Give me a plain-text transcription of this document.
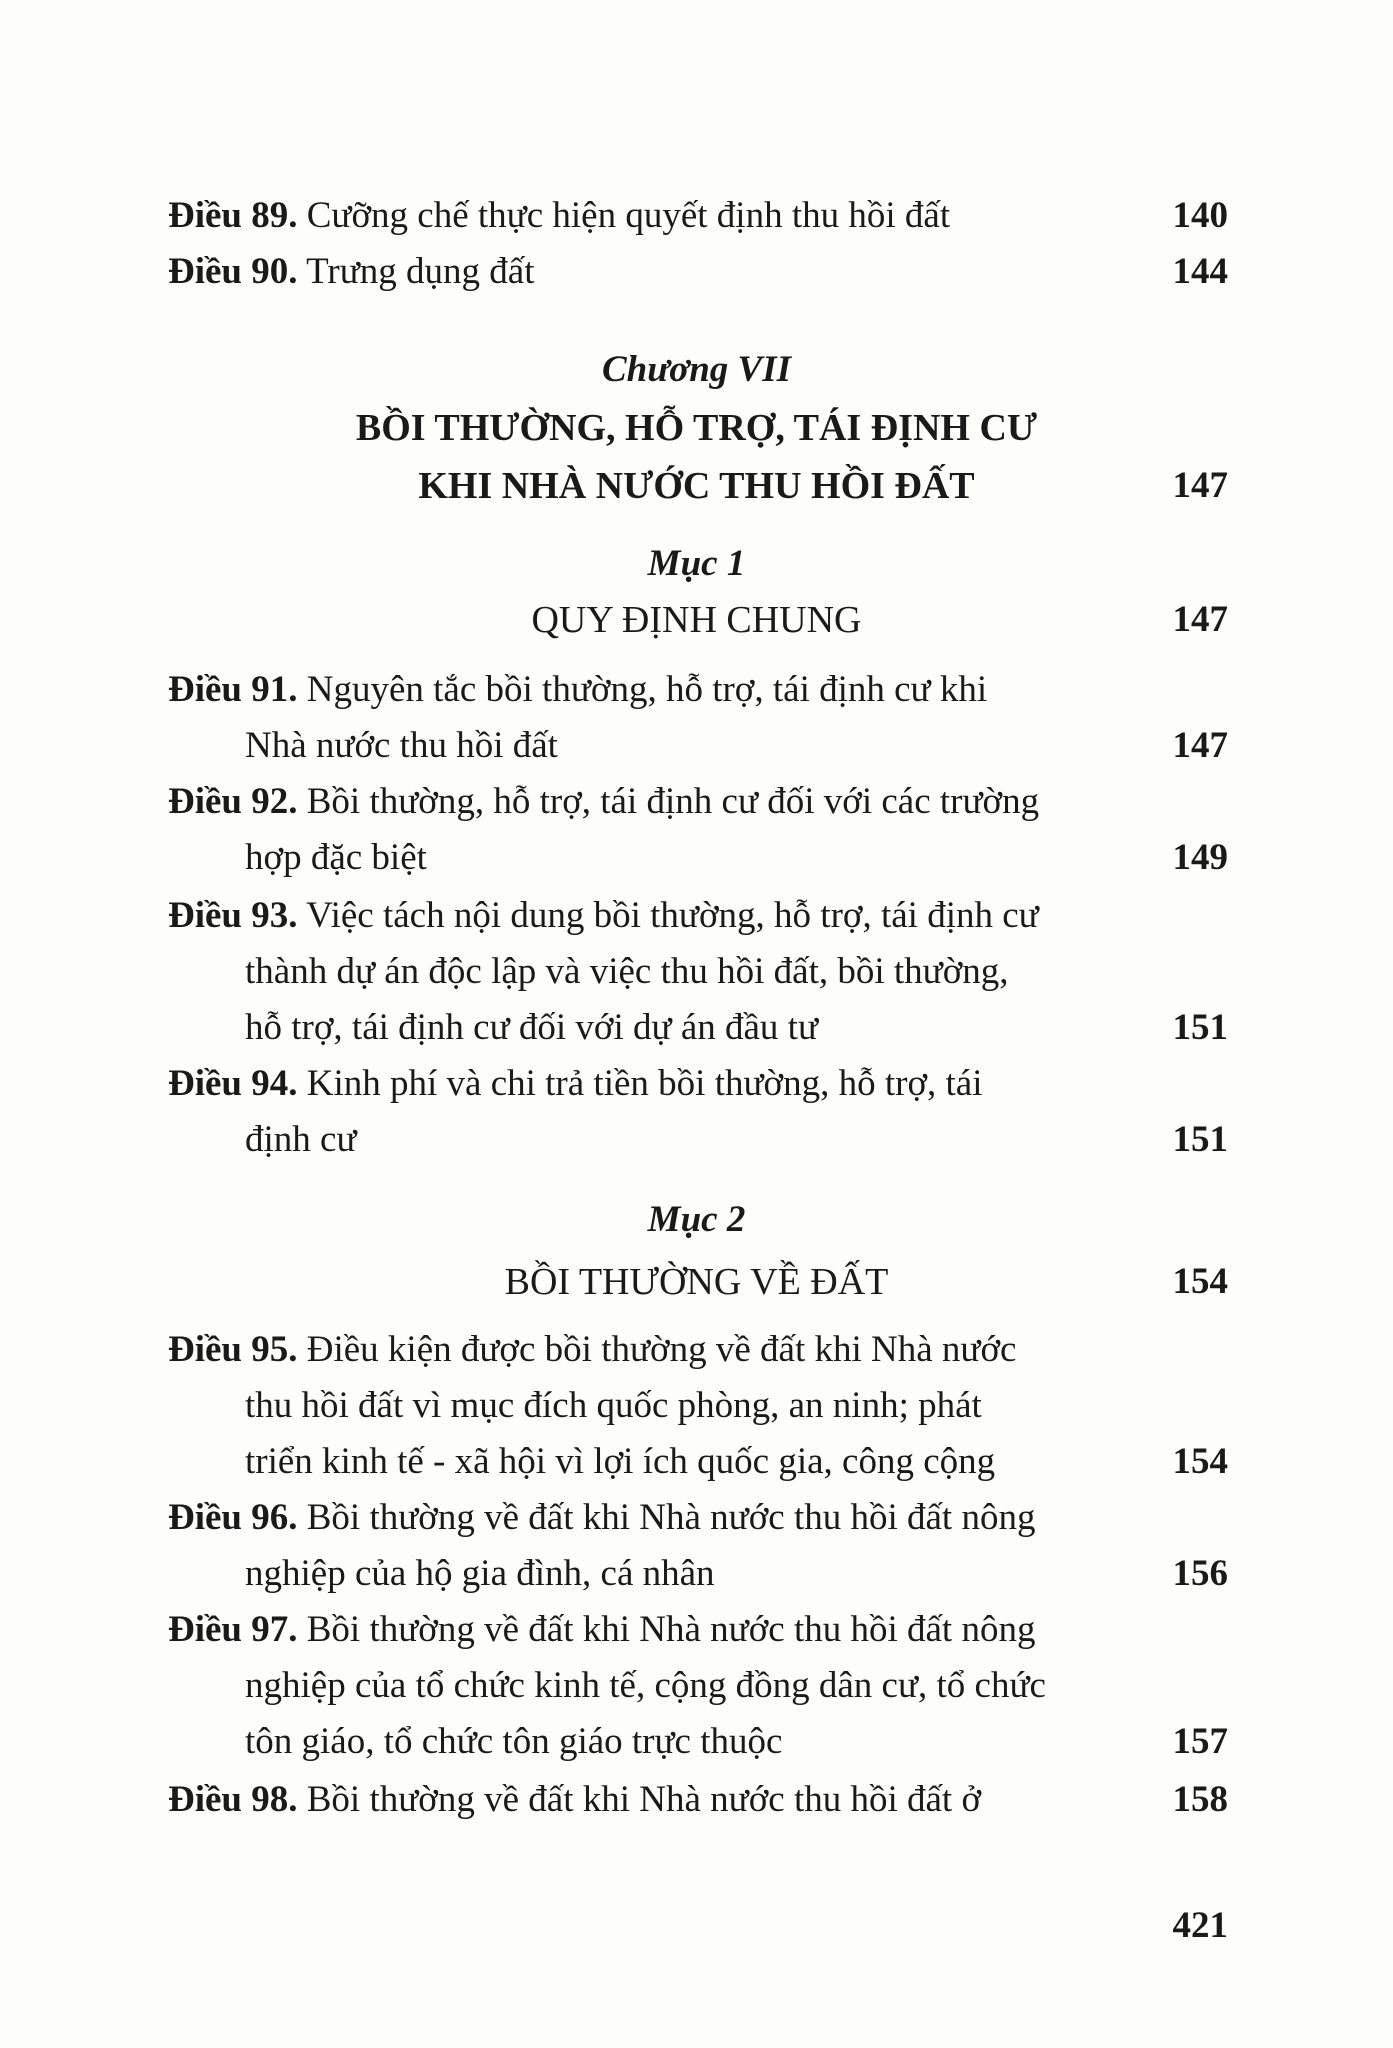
Điều 89. Cưỡng chế thực hiện quyết định thu hồi đất	140
Điều 90. Trưng dụng đất	144
Chương VII
BỒI THƯỜNG, HỖ TRỢ, TÁI ĐỊNH CƯ
KHI NHÀ NƯỚC THU HỒI ĐẤT	147
Mục 1
QUY ĐỊNH CHUNG	147
Điều 91. Nguyên tắc bồi thường, hỗ trợ, tái định cư khi
Nhà nước thu hồi đất	147
Điều 92. Bồi thường, hỗ trợ, tái định cư đối với các trường
hợp đặc biệt	149
Điều 93. Việc tách nội dung bồi thường, hỗ trợ, tái định cư
thành dự án độc lập và việc thu hồi đất, bồi thường,
hỗ trợ, tái định cư đối với dự án đầu tư	151
Điều 94. Kinh phí và chi trả tiền bồi thường, hỗ trợ, tái
định cư	151
Mục 2
BỒI THƯỜNG VỀ ĐẤT	154
Điều 95. Điều kiện được bồi thường về đất khi Nhà nước
thu hồi đất vì mục đích quốc phòng, an ninh; phát
triển kinh tế - xã hội vì lợi ích quốc gia, công cộng	154
Điều 96. Bồi thường về đất khi Nhà nước thu hồi đất nông
nghiệp của hộ gia đình, cá nhân	156
Điều 97. Bồi thường về đất khi Nhà nước thu hồi đất nông
nghiệp của tổ chức kinh tế, cộng đồng dân cư, tổ chức
tôn giáo, tổ chức tôn giáo trực thuộc	157
Điều 98. Bồi thường về đất khi Nhà nước thu hồi đất ở	158
421
